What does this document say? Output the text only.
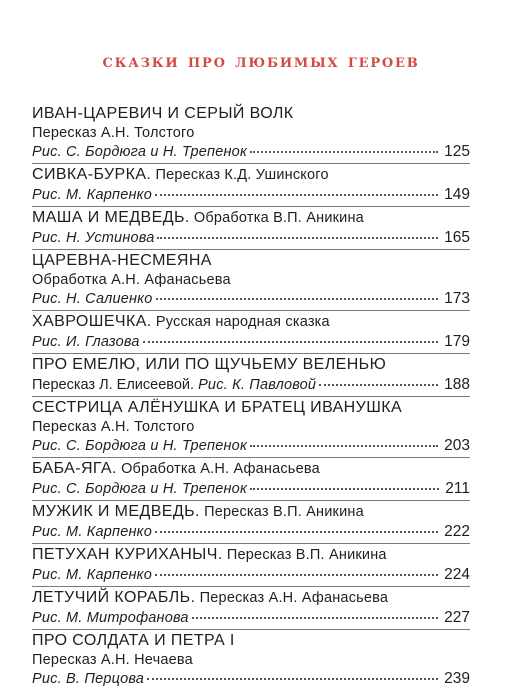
сказки про любимых героев
ИВАН-ЦАРЕВИЧ И СЕРЫЙ ВОЛК
Пересказ А.Н. Толстого
Рис. С. Бордюга и Н. Трепенок	125
СИВКА-БУРКА. Пересказ К.Д. Ушинского
Рис. М. Карпенко	149
МАША И МЕДВЕДЬ. Обработка В.П. Аникина
Рис. Н. Устинова	165
ЦАРЕВНА-НЕСМЕЯНА
Обработка А.Н. Афанасьева
Рис. Н. Салиенко	173
ХАВРОШЕЧКА. Русская народная сказка
Рис. И. Глазова	179
ПРО ЕМЕЛЮ, ИЛИ ПО ЩУЧЬЕМУ ВЕЛЕНЬЮ
Пересказ Л. Елисеевой.
Рис. К. Павловой	188
СЕСТРИЦА АЛЁНУШКА И БРАТЕЦ ИВАНУШКА
Пересказ А.Н. Толстого
Рис. С. Бордюга и Н. Трепенок	203
БАБА-ЯГА. Обработка А.Н. Афанасьева
Рис. С. Бордюга и Н. Трепенок	211
МУЖИК И МЕДВЕДЬ. Пересказ В.П. Аникина
Рис. М. Карпенко	222
ПЕТУХАН КУРИХАНЫЧ. Пересказ В.П. Аникина
Рис. М. Карпенко	224
ЛЕТУЧИЙ КОРАБЛЬ. Пересказ А.Н. Афанасьева
Рис. М. Митрофанова	227
ПРО СОЛДАТА И ПЕТРА I
Пересказ А.Н. Нечаева
Рис. В. Перцова	239
